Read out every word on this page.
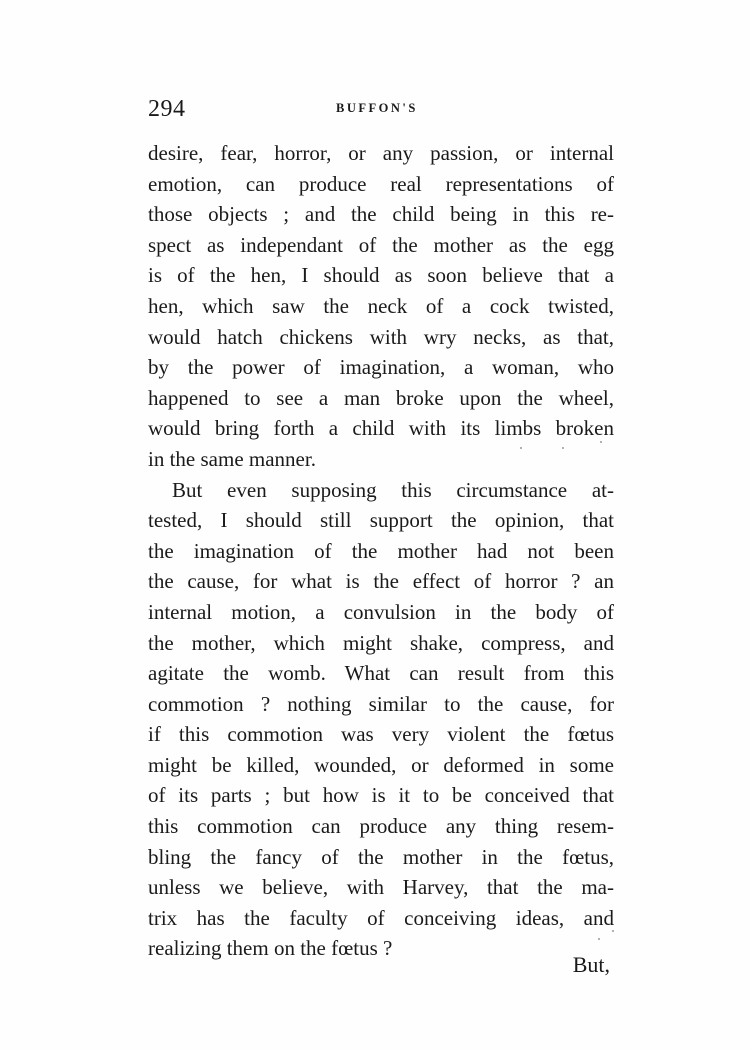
294	BUFFON'S
desire, fear, horror, or any passion, or internal
emotion, can produce real representations of
those objects ; and the child being in this re-
spect as independant of the mother as the egg
is of the hen, I should as soon believe that a
hen, which saw the neck of a cock twisted,
would hatch chickens with wry necks, as that,
by the power of imagination, a woman, who
happened to see a man broke upon the wheel,
would bring forth a child with its limbs broken
in the same manner.
But even supposing this circumstance at-
tested, I should still support the opinion, that
the imagination of the mother had not been
the cause, for what is the effect of horror ? an
internal motion, a convulsion in the body of
the mother, which might shake, compress, and
agitate the womb. What can result from this
commotion ? nothing similar to the cause, for
if this commotion was very violent the fœtus
might be killed, wounded, or deformed in some
of its parts ; but how is it to be conceived that
this commotion can produce any thing resem-
bling the fancy of the mother in the fœtus,
unless we believe, with Harvey, that the ma-
trix has the faculty of conceiving ideas, and
realizing them on the fœtus ?
But,
